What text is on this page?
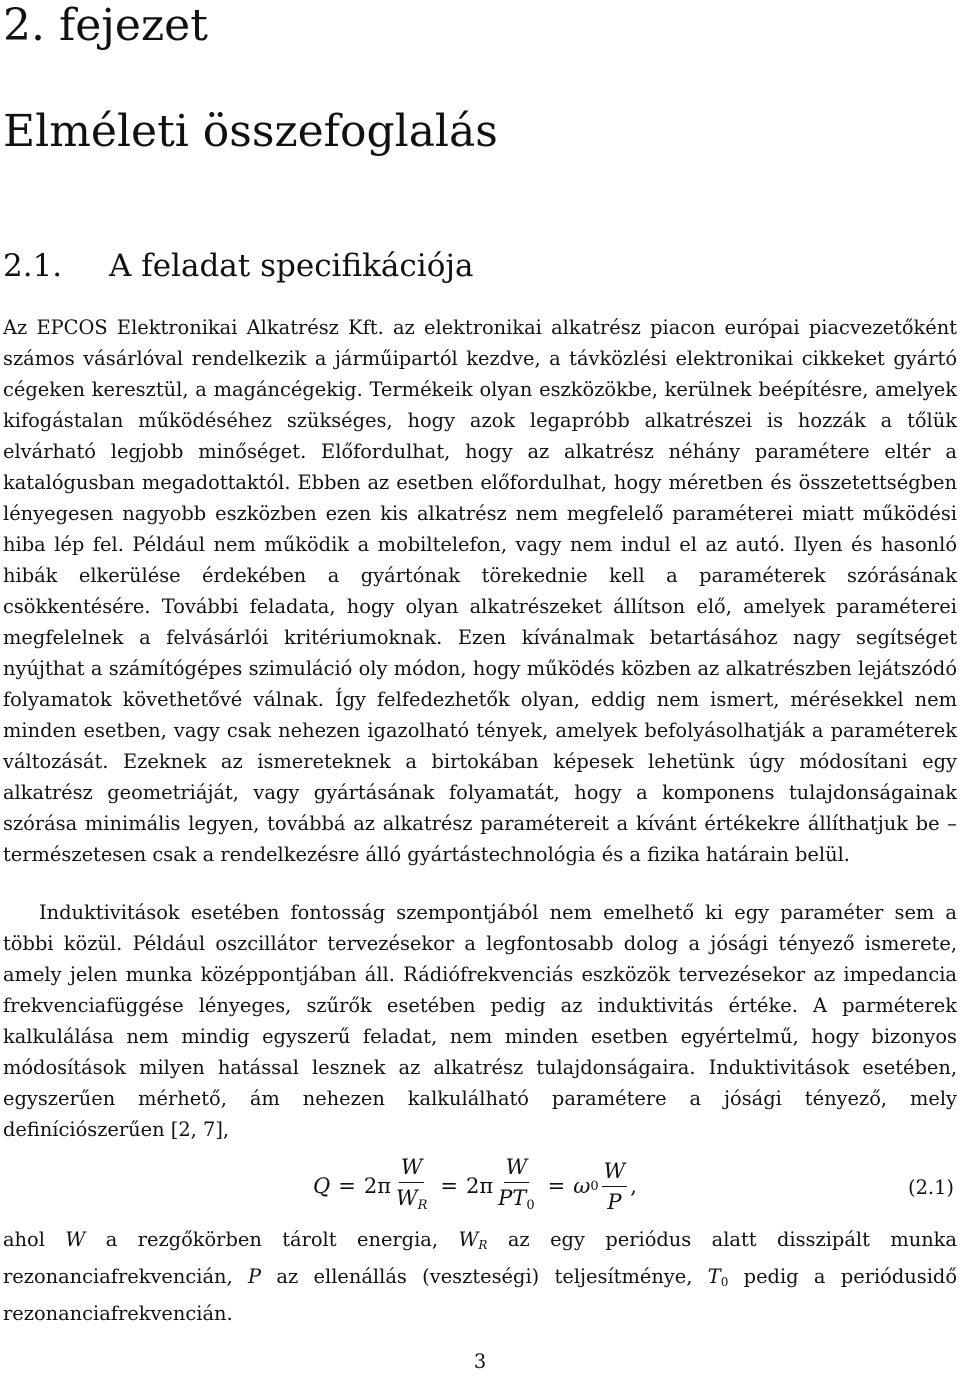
2. fejezet
Elméleti összefoglalás
2.1. A feladat specifikációja

Az EPCOS Elektronikai Alkatrész Kft. az elektronikai alkatrész piacon európai piacvezetőként számos vásárlóval rendelkezik a járműipartól kezdve, a távközlési elektronikai cikkeket gyártó cégeken keresztül, a magáncégekig. Termékeik olyan eszközökbe, kerülnek beépítésre, amelyek kifogástalan működéséhez szükséges, hogy azok legapróbb alkatrészei is hozzák a tőlük elvárható legjobb minőséget. Előfordulhat, hogy az alkatrész néhány paramétere eltér a katalógusban megadottaktól. Ebben az esetben előfordulhat, hogy méretben és összetettségben lényegesen nagyobb eszközben ezen kis alkatrész nem megfelelő paraméterei miatt működési hiba lép fel. Például nem működik a mobiltelefon, vagy nem indul el az autó. Ilyen és hasonló hibák elkerülése érdekében a gyártónak törekednie kell a paraméterek szórásának csökkentésére. További feladata, hogy olyan alkatrészeket állítson elő, amelyek paraméterei megfelelnek a felvásárlói kritériumoknak. Ezen kívánalmak betartásához nagy segítséget nyújthat a számítógépes szimuláció oly módon, hogy működés közben az alkatrészben lejátszódó folyamatok követhetővé válnak. Így felfedezhetők olyan, eddig nem ismert, mérésekkel nem minden esetben, vagy csak nehezen igazolható tények, amelyek befolyásolhatják a paraméterek változását. Ezeknek az ismereteknek a birtokában képesek lehetünk úgy módosítani egy alkatrész geometriáját, vagy gyártásának folyamatát, hogy a komponens tulajdonságainak szórása minimális legyen, továbbá az alkatrész paramétereit a kívánt értékekre állíthatjuk be – természetesen csak a rendelkezésre álló gyártástechnológia és a fizika határain belül.

Induktivitások esetében fontosság szempontjából nem emelhető ki egy paraméter sem a többi közül. Például oszcillátor tervezésekor a legfontosabb dolog a jósági tényező ismerete, amely jelen munka középpontjában áll. Rádiófrekvenciás eszközök tervezésekor az impedancia frekvenciafüggése lényeges, szűrők esetében pedig az induktivitás értéke. A parméterek kalkulálása nem mindig egyszerű feladat, nem minden esetben egyértelmű, hogy bizonyos módosítások milyen hatással lesznek az alkatrész tulajdonságaira. Induktivitások esetében, egyszerűen mérhető, ám nehezen kalkulálható paramétere a jósági tényező, mely definíciószerűen [2, 7],

$Q = 2\pi \frac{W}{W_R} = 2\pi \frac{W}{PT_0} = \omega$ $0 \frac{W}{P}$ ,	(2.1)

ahol W a rezgőkörben tárolt energia, $W_R$ az egy periódus alatt disszipált munka rezonanciafrekvencián, P az ellenállás (veszteségi) teljesítménye, $T_0$ pedig a periódusidő rezonanciafrekvencián.

3
